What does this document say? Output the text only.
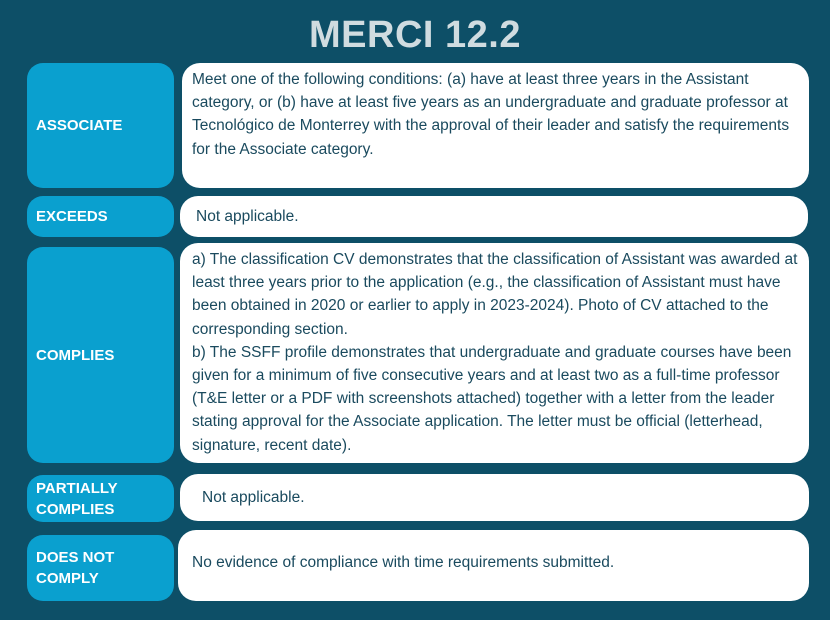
MERCI 12.2
ASSOCIATE

Meet one of the following conditions: (a) have at least three years in the Assistant category, or (b) have at least five years as an undergraduate and graduate professor at Tecnológico de Monterrey with the approval of their leader and satisfy the requirements for the Associate category.

EXCEEDS	Not applicable.

COMPLIES

a) The classification CV demonstrates that the classification of Assistant was awarded at least three years prior to the application (e.g., the classification of Assistant must have been obtained in 2020 or earlier to apply in 2023-2024). Photo of CV attached to the corresponding section.

b) The SSFF profile demonstrates that undergraduate and graduate courses have been given for a minimum of five consecutive years and at least two as a full-time professor (T&E letter or a PDF with screenshots attached) together with a letter from the leader stating approval for the Associate application. The letter must be official (letterhead, signature, recent date).

PARTIALLY COMPLIES

Not applicable.

DOES NOT COMPLY

No evidence of compliance with time requirements submitted.
